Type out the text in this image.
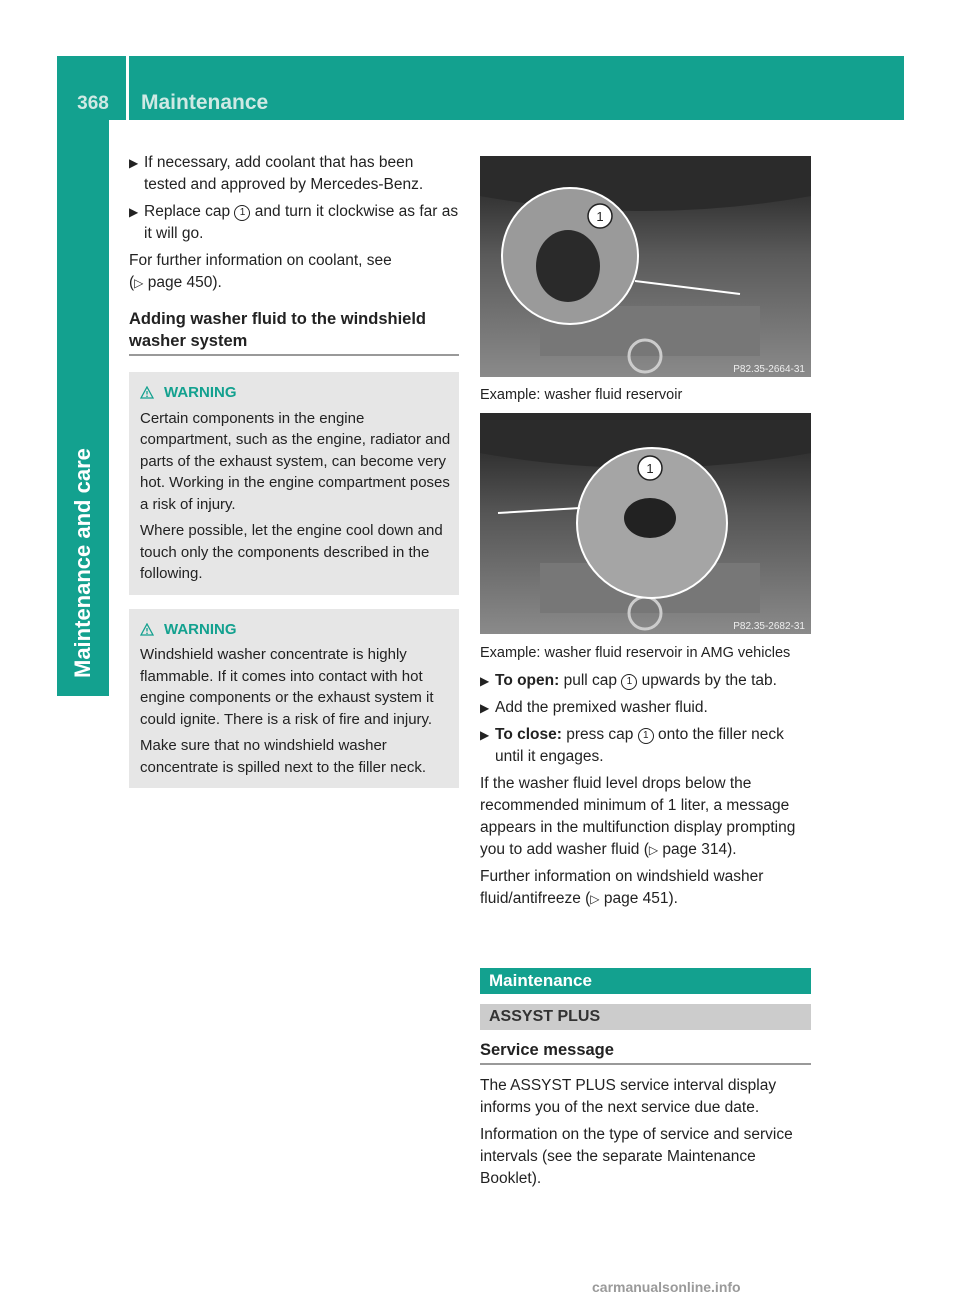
368	Maintenance
Maintenance and care
▶ If necessary, add coolant that has been tested and approved by Mercedes-Benz.
▶ Replace cap 1 and turn it clockwise as far as it will go.

For further information on coolant, see
(▷ page 450).

Adding washer fluid to the windshield washer system
WARNING

Certain components in the engine compartment, such as the engine, radiator and parts of the exhaust system, can become very hot. Working in the engine compartment poses a risk of injury.

Where possible, let the engine cool down and touch only the components described in the following.

WARNING

Windshield washer concentrate is highly flammable. If it comes into contact with hot engine components or the exhaust system it could ignite. There is a risk of fire and injury.

Make sure that no windshield washer concentrate is spilled next to the filler neck.

1
P82.35-2664-31
Example: washer fluid reservoir
1
P82.35-2682-31
Example: washer fluid reservoir in AMG vehicles
▶ To open: pull cap 1 upwards by the tab.
▶ Add the premixed washer fluid.
▶ To close: press cap 1 onto the filler neck until it engages.

If the washer fluid level drops below the recommended minimum of 1 liter, a message appears in the multifunction display prompting you to add washer fluid (▷ page 314).

Further information on windshield washer fluid/antifreeze (▷ page 451).

Maintenance
ASSYST PLUS
Service message

The ASSYST PLUS service interval display informs you of the next service due date.

Information on the type of service and service intervals (see the separate Maintenance Booklet).

carmanualsonline.info
